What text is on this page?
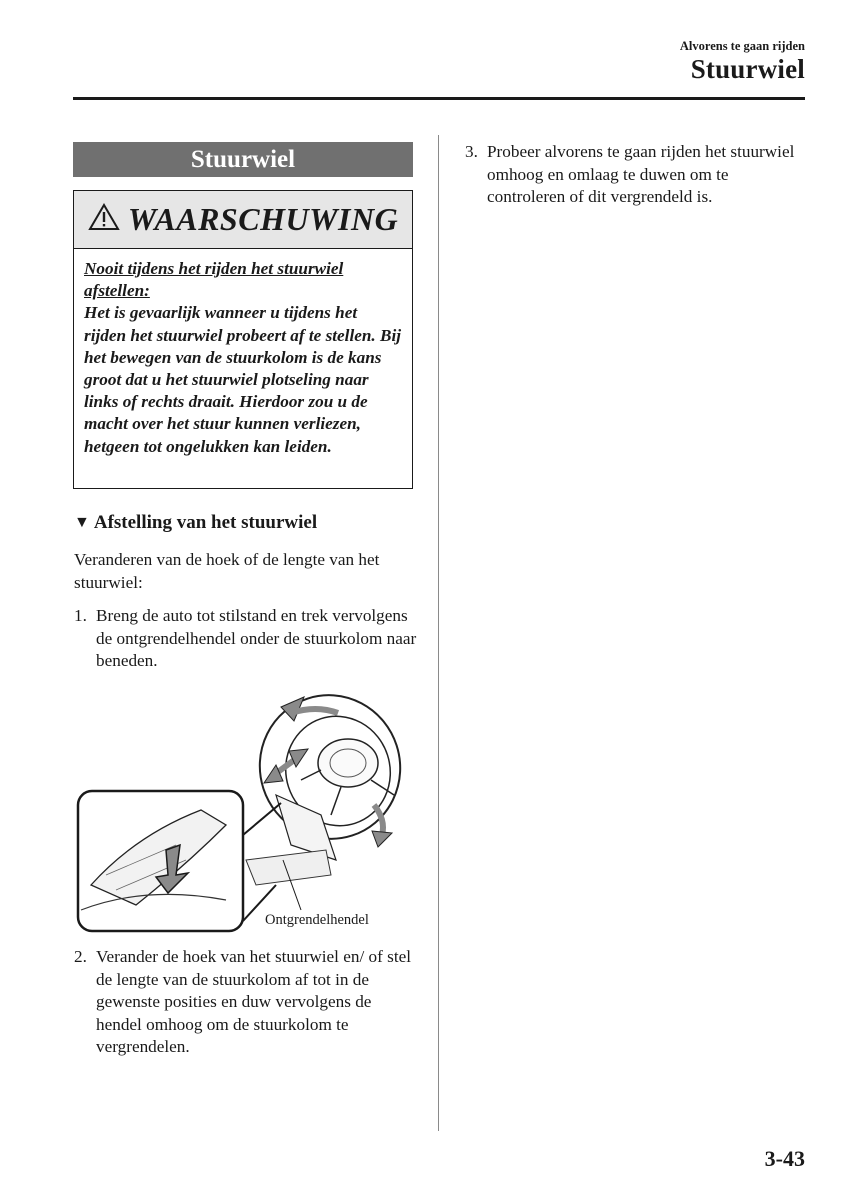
Alvorens te gaan rijden
Stuurwiel
Stuurwiel
WAARSCHUWING
Nooit tijdens het rijden het stuurwiel afstellen:
Het is gevaarlijk wanneer u tijdens het rijden het stuurwiel probeert af te stellen. Bij het bewegen van de stuurkolom is de kans groot dat u het stuurwiel plotseling naar links of rechts draait. Hierdoor zou u de macht over het stuur kunnen verliezen, hetgeen tot ongelukken kan leiden.
▼ Afstelling van het stuurwiel
Veranderen van de hoek of de lengte van het stuurwiel:
1. Breng de auto tot stilstand en trek vervolgens de ontgrendelhendel onder de stuurkolom naar beneden.
Ontgrendelhendel
2. Verander de hoek van het stuurwiel en/ of stel de lengte van de stuurkolom af tot in de gewenste posities en duw vervolgens de hendel omhoog om de stuurkolom te vergrendelen.
3. Probeer alvorens te gaan rijden het stuurwiel omhoog en omlaag te duwen om te controleren of dit vergrendeld is.
3-43
